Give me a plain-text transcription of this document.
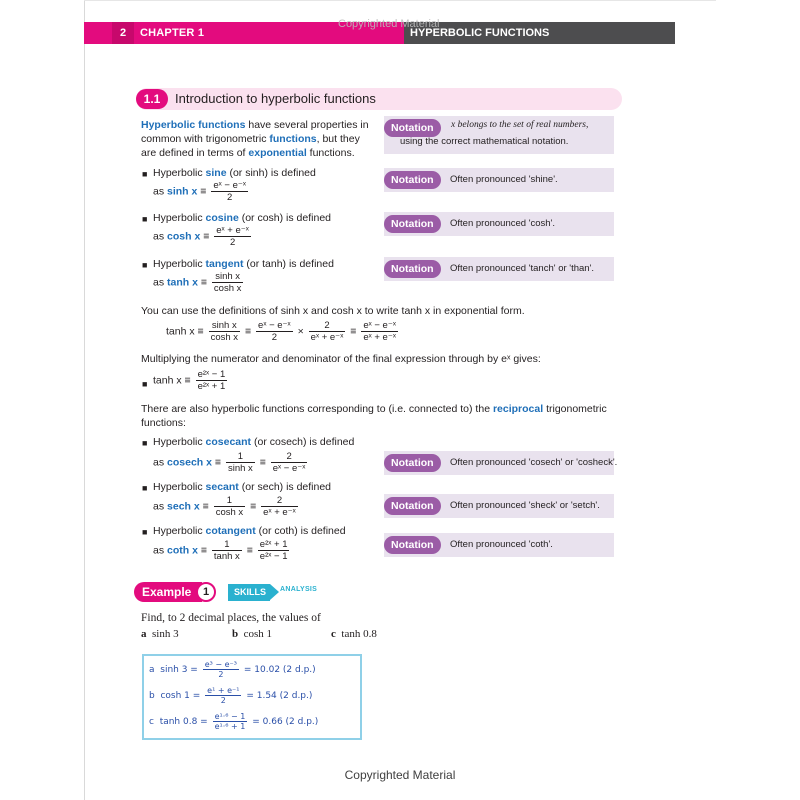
2	CHAPTER 1	HYPERBOLIC FUNCTIONS
Copyrighted Material
1.1	Introduction to hyperbolic functions
Hyperbolic functions have several properties in
common with trigonometric functions, but they
are defined in terms of exponential functions.
Notation	x belongs to the set of real numbers,
using the correct mathematical notation.
■ Hyperbolic sine (or sinh) is defined
as $\sinh x \equiv \frac{\text{eˣ − e⁻ˣ}}{2}$	Notation	Often pronounced 'shine'.
■ Hyperbolic cosine (or cosh) is defined
as $\cosh x \equiv \frac{\text{eˣ + e⁻ˣ}}{2}$
Notation	Often pronounced 'cosh'.
■ Hyperbolic tangent (or tanh) is defined
as $\tanh x \equiv \frac{\text{sinh x}}{\text{cosh x}}$
Notation	Often pronounced 'tanch' or 'than'.
You can use the definitions of sinh x and cosh x to write tanh x in exponential form.
$\tanh x \equiv \frac{\text{sinh x}}{\text{cosh x}} \equiv \frac{\text{eˣ − e⁻ˣ}}{2} \times \frac{2}{\text{eˣ + e⁻ˣ}} \equiv \frac{\text{eˣ − e⁻ˣ}}{\text{eˣ + e⁻ˣ}}$
Multiplying the numerator and denominator of the final expression through by eˣ gives:
■ $\tanh x \equiv \frac{\text{e²ˣ − 1}}{\text{e²ˣ + 1}}$
There are also hyperbolic functions corresponding to (i.e. connected to) the reciprocal trigonometric
functions:
■ Hyperbolic cosecant (or cosech) is defined
as cosech $x \equiv \frac{1}{\text{sinh x}} \equiv \frac{2}{\text{eˣ − e⁻ˣ}}$	Notation	Often pronounced 'cosech' or 'cosheck'.
■ Hyperbolic secant (or sech) is defined
as sech $x \equiv \frac{1}{\text{cosh x}} \equiv \frac{2}{\text{eˣ + e⁻ˣ}}$	Notation	Often pronounced 'sheck' or 'setch'.
■ Hyperbolic cotangent (or coth) is defined
as coth $x \equiv \frac{1}{\text{tanh x}} \equiv \frac{\text{e²ˣ + 1}}{\text{e²ˣ − 1}}$	Notation	Often pronounced 'coth'.
Example	1	SKILLS	ANALYSIS
Find, to 2 decimal places, the values of
a sinh 3	b cosh 1	c tanh 0.8
a $\sinh 3 = \frac{\text{e³ − e⁻³}}{2} = 10.02$ (2 d.p.)
b $\cosh 1 = \frac{\text{e¹ + e⁻¹}}{2} = 1.54$ (2 d.p.)
c $\tanh 0.8 = \frac{\text{e¹·⁶ − 1}}{\text{e¹·⁶ + 1}} = 0.66$ (2 d.p.)
Copyrighted Material
